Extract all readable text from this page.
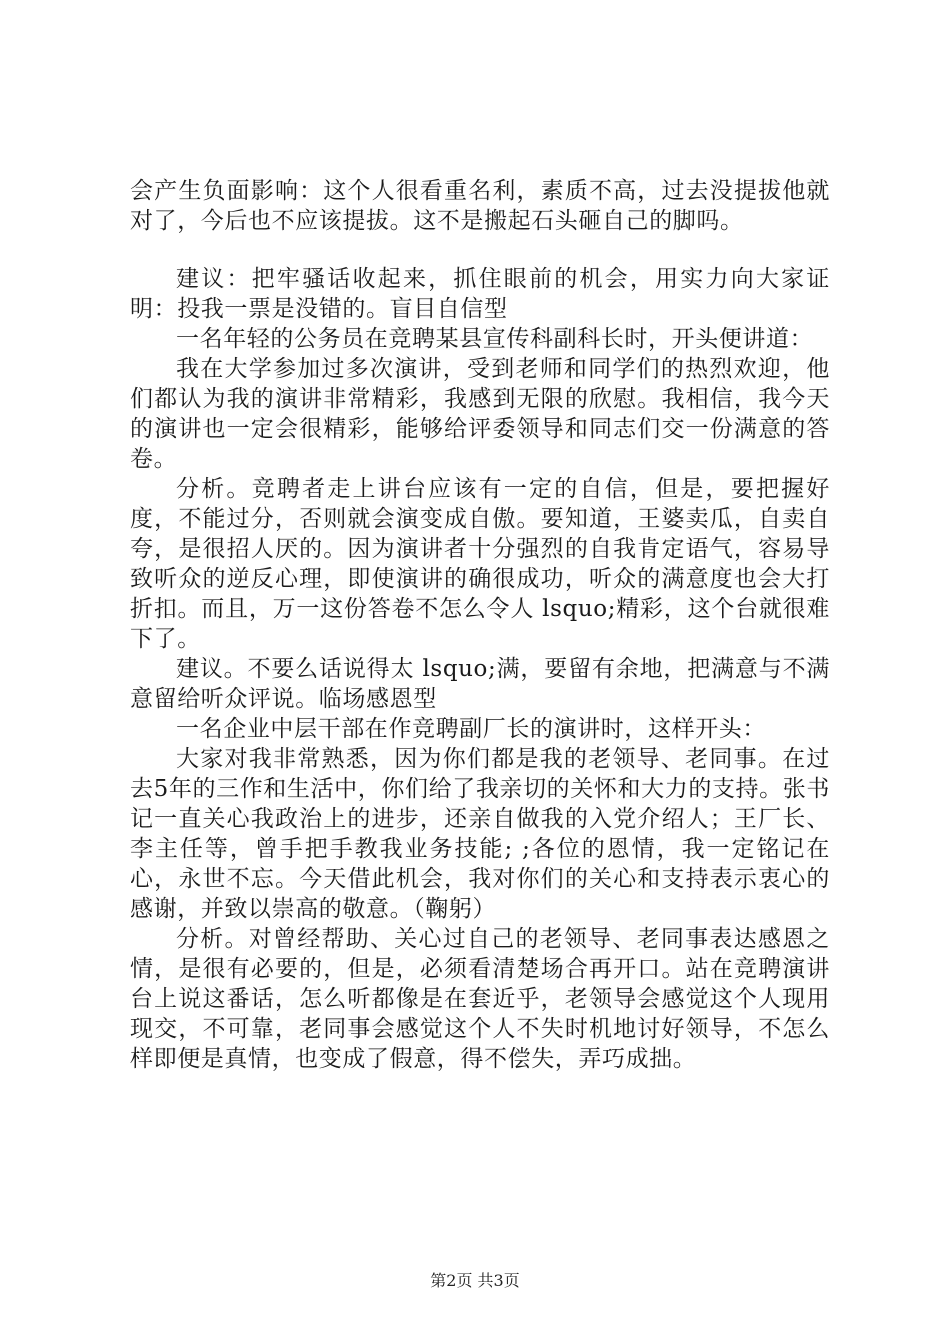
会产生负面影响：这个人很看重名利，素质不高，过去没提拔他就对了，今后也不应该提拔。这不是搬起石头砸自己的脚吗。

建议：把牢骚话收起来，抓住眼前的机会，用实力向大家证明：投我一票是没错的。盲目自信型

一名年轻的公务员在竞聘某县宣传科副科长时，开头便讲道：

我在大学参加过多次演讲，受到老师和同学们的热烈欢迎，他们都认为我的演讲非常精彩，我感到无限的欣慰。我相信，我今天的演讲也一定会很精彩，能够给评委领导和同志们交一份满意的答卷。

分析。竞聘者走上讲台应该有一定的自信，但是，要把握好度，不能过分，否则就会演变成自傲。要知道，王婆卖瓜，自卖自夸，是很招人厌的。因为演讲者十分强烈的自我肯定语气，容易导致听众的逆反心理，即使演讲的确很成功，听众的满意度也会大打折扣。而且，万一这份答卷不怎么令人 lsquo;精彩，这个台就很难下了。

建议。不要么话说得太 lsquo;满，要留有余地，把满意与不满意留给听众评说。临场感恩型

一名企业中层干部在作竞聘副厂长的演讲时，这样开头：

大家对我非常熟悉，因为你们都是我的老领导、老同事。在过去5年的三作和生活中，你们给了我亲切的关怀和大力的支持。张书记一直关心我政治上的进步，还亲自做我的入党介绍人；王厂长、李主任等，曾手把手教我业务技能; ;各位的恩情，我一定铭记在心，永世不忘。今天借此机会，我对你们的关心和支持表示衷心的感谢，并致以崇高的敬意。（鞠躬）

分析。对曾经帮助、关心过自己的老领导、老同事表达感恩之情，是很有必要的，但是，必须看清楚场合再开口。站在竞聘演讲台上说这番话，怎么听都像是在套近乎，老领导会感觉这个人现用现交，不可靠，老同事会感觉这个人不失时机地讨好领导，不怎么样即便是真情，也变成了假意，得不偿失，弄巧成拙。

第2页 共3页
